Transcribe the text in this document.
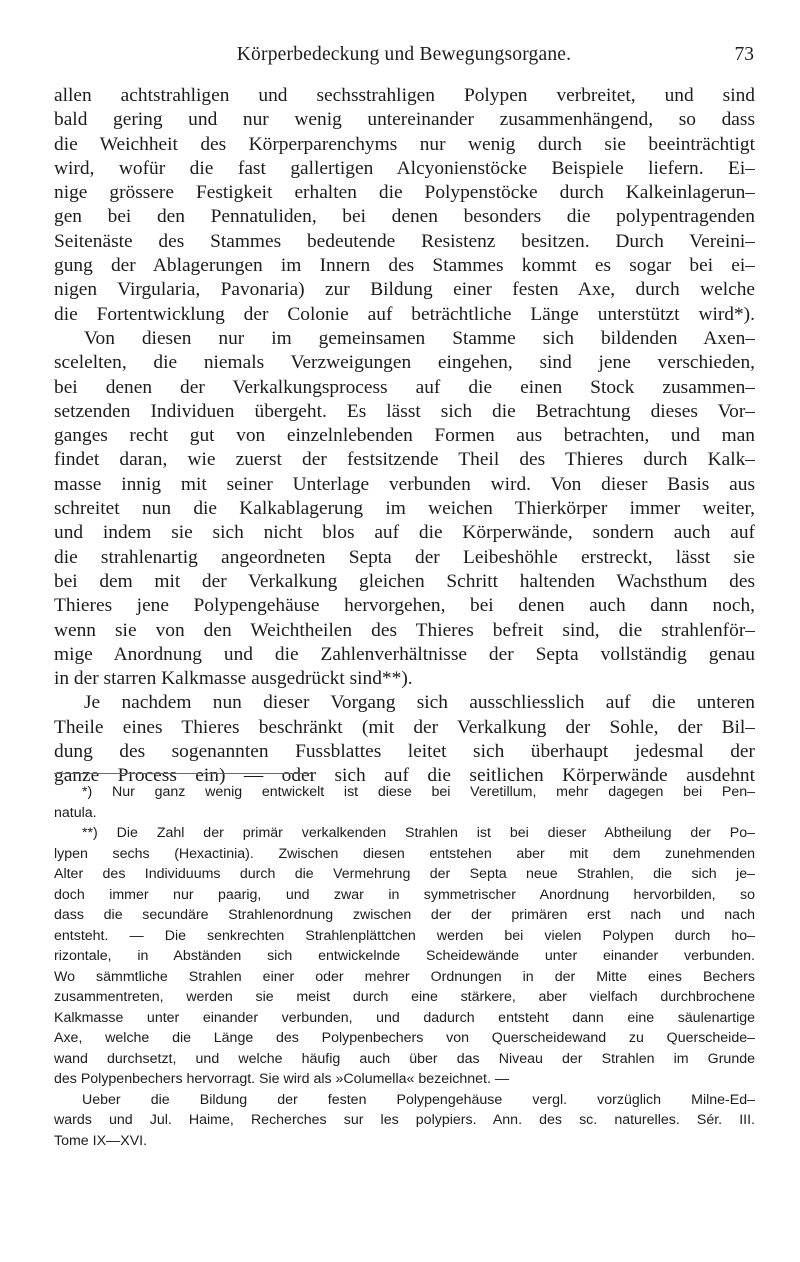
Körperbedeckung und Bewegungsorgane.	73
allen achtstrahligen und sechsstrahligen Polypen verbreitet, und sind
bald gering und nur wenig untereinander zusammenhängend, so dass
die Weichheit des Körperparenchyms nur wenig durch sie beeinträchtigt
wird, wofür die fast gallertigen Alcyonienstöcke Beispiele liefern. Ei–
nige grössere Festigkeit erhalten die Polypenstöcke durch Kalkeinlagerun–
gen bei den Pennatuliden, bei denen besonders die polypentragenden
Seitenäste des Stammes bedeutende Resistenz besitzen. Durch Vereini–
gung der Ablagerungen im Innern des Stammes kommt es sogar bei ei–
nigen Virgularia, Pavonaria) zur Bildung einer festen Axe, durch welche
die Fortentwicklung der Colonie auf beträchtliche Länge unterstützt wird*).
Von diesen nur im gemeinsamen Stamme sich bildenden Axen–
scelelten, die niemals Verzweigungen eingehen, sind jene verschieden,
bei denen der Verkalkungsprocess auf die einen Stock zusammen–
setzenden Individuen übergeht. Es lässt sich die Betrachtung dieses Vor–
ganges recht gut von einzelnlebenden Formen aus betrachten, und man
findet daran, wie zuerst der festsitzende Theil des Thieres durch Kalk–
masse innig mit seiner Unterlage verbunden wird. Von dieser Basis aus
schreitet nun die Kalkablagerung im weichen Thierkörper immer weiter,
und indem sie sich nicht blos auf die Körperwände, sondern auch auf
die strahlenartig angeordneten Septa der Leibeshöhle erstreckt, lässt sie
bei dem mit der Verkalkung gleichen Schritt haltenden Wachsthum des
Thieres jene Polypengehäuse hervorgehen, bei denen auch dann noch,
wenn sie von den Weichtheilen des Thieres befreit sind, die strahlenför–
mige Anordnung und die Zahlenverhältnisse der Septa vollständig genau
in der starren Kalkmasse ausgedrückt sind**).
Je nachdem nun dieser Vorgang sich ausschliesslich auf die unteren
Theile eines Thieres beschränkt (mit der Verkalkung der Sohle, der Bil–
dung des sogenannten Fussblattes leitet sich überhaupt jedesmal der
ganze Process ein) — oder sich auf die seitlichen Körperwände ausdehnt
*) Nur ganz wenig entwickelt ist diese bei Veretillum, mehr dagegen bei Pen–
natula.
**) Die Zahl der primär verkalkenden Strahlen ist bei dieser Abtheilung der Po–
lypen sechs (Hexactinia). Zwischen diesen entstehen aber mit dem zunehmenden
Alter des Individuums durch die Vermehrung der Septa neue Strahlen, die sich je–
doch immer nur paarig, und zwar in symmetrischer Anordnung hervorbilden, so
dass die secundäre Strahlenordnung zwischen der der primären erst nach und nach
entsteht. — Die senkrechten Strahlenplättchen werden bei vielen Polypen durch ho–
rizontale, in Abständen sich entwickelnde Scheidewände unter einander verbunden.
Wo sämmtliche Strahlen einer oder mehrer Ordnungen in der Mitte eines Bechers
zusammentreten, werden sie meist durch eine stärkere, aber vielfach durchbrochene
Kalkmasse unter einander verbunden, und dadurch entsteht dann eine säulenartige
Axe, welche die Länge des Polypenbechers von Querscheidewand zu Querscheide–
wand durchsetzt, und welche häufig auch über das Niveau der Strahlen im Grunde
des Polypenbechers hervorragt. Sie wird als »Columella« bezeichnet. —
Ueber die Bildung der festen Polypengehäuse vergl. vorzüglich Milne-Ed–
wards und Jul. Haime, Recherches sur les polypiers. Ann. des sc. naturelles. Sér. III.
Tome IX—XVI.
